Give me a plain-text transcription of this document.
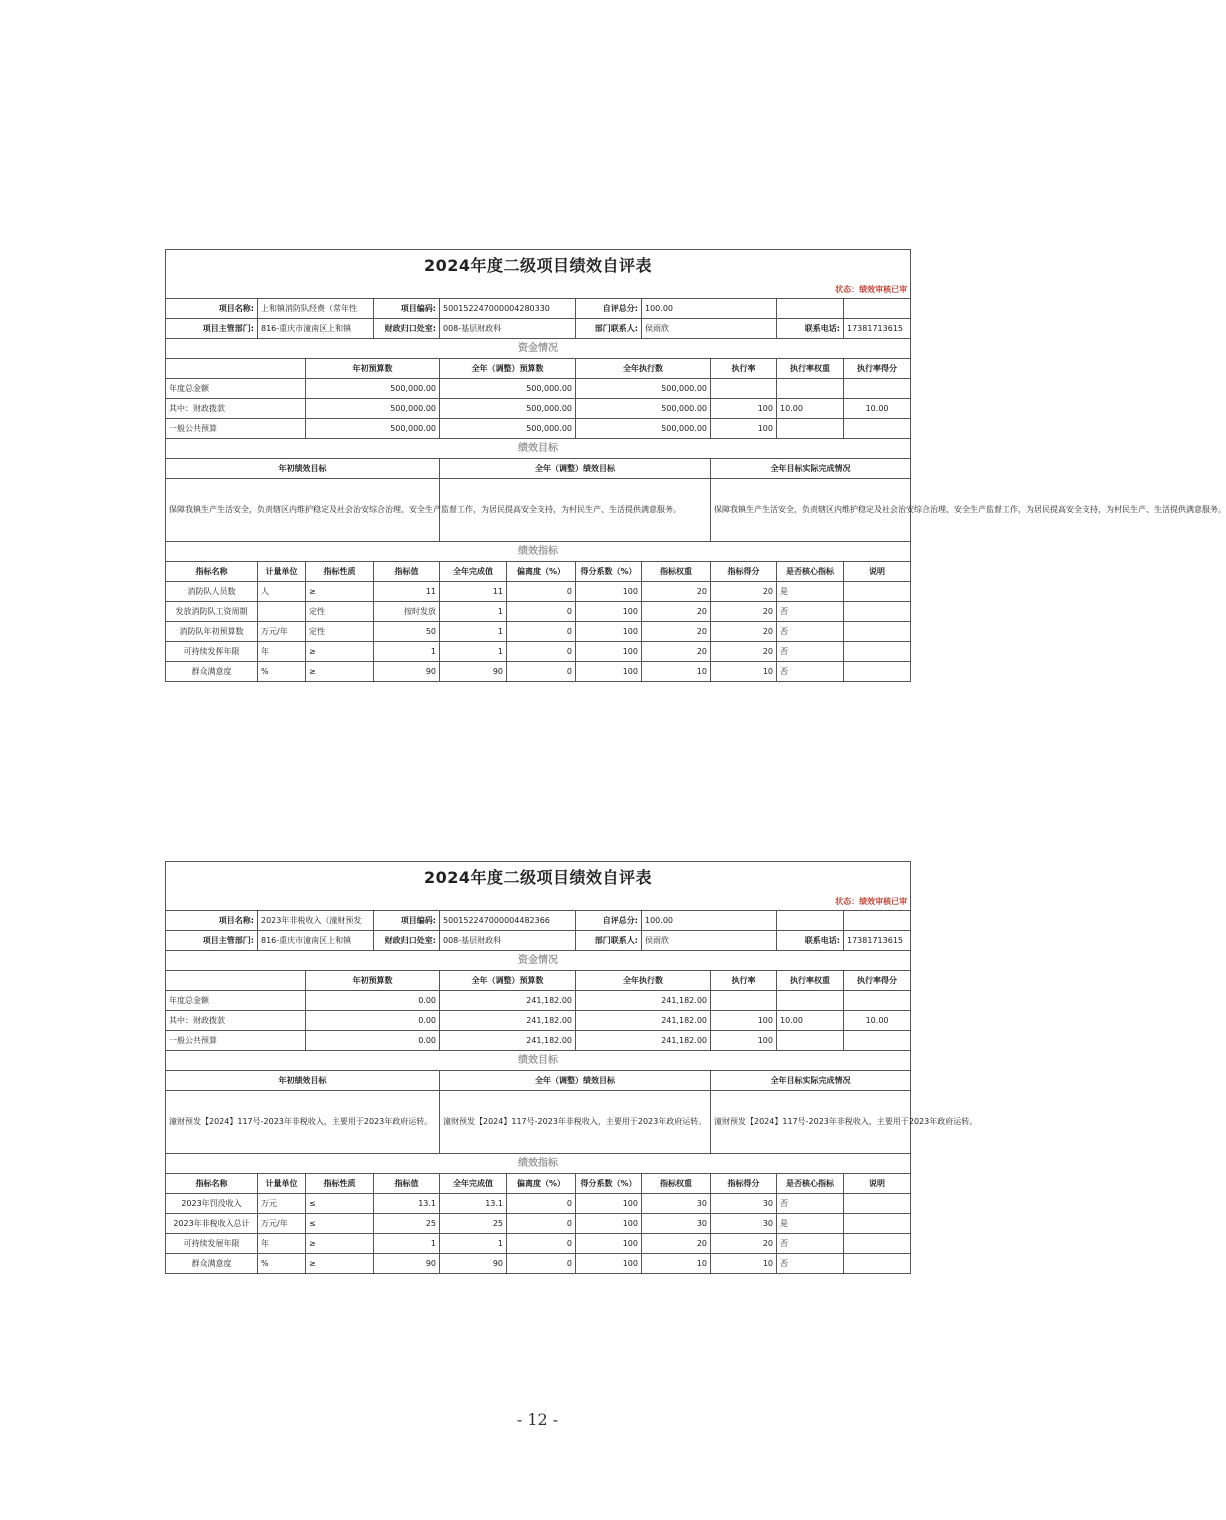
2024年度二级项目绩效自评表										
状态：绩效审核已审										
项目名称:	上和镇消防队经费（常年性		项目编码:	500152247000004280330		自评总分:	100.00			
项目主管部门:	816-重庆市潼南区上和镇		财政归口处室:	008-基层财政科		部门联系人:	侯雨欣		联系电话:	17381713615
资金情况										
		年初预算数		全年（调整）预算数		全年执行数		执行率	执行率权重	执行率得分
年度总金额		500,000.00		500,000.00		500,000.00				
其中：财政拨款		500,000.00		500,000.00		500,000.00		100	10.00	10.00
一般公共预算		500,000.00		500,000.00		500,000.00		100		
绩效目标										
年初绩效目标				全年（调整）绩效目标				全年目标实际完成情况		
保障我镇生产生活安全，负责辖区内维护稳定及社会治安综合治理、安全生产监督工作，为居民提高安全支持，为村民生产、生活提供满意服务。								保障我镇生产生活安全，负责辖区内维护稳定及社会治安综合治理、安全生产监督工作，为居民提高安全支持，为村民生产、生活提供满意服务。		
绩效指标										
指标名称	计量单位	指标性质	指标值	全年完成值	偏离度（%）	得分系数（%）	指标权重	指标得分	是否核心指标	说明
消防队人员数	人	≥	11	11	0	100	20	20	是	
发放消防队工资周期		定性	按时发放	1	0	100	20	20	否	
消防队年初预算数	万元/年	定性	50	1	0	100	20	20	否	
可持续发挥年限	年	≥	1	1	0	100	20	20	否	
群众满意度	%	≥	90	90	0	100	10	10	否	
2024年度二级项目绩效自评表										
状态：绩效审核已审										
项目名称:	2023年非税收入（潼财预发		项目编码:	500152247000004482366		自评总分:	100.00			
项目主管部门:	816-重庆市潼南区上和镇		财政归口处室:	008-基层财政科		部门联系人:	侯雨欣		联系电话:	17381713615
资金情况										
		年初预算数		全年（调整）预算数		全年执行数		执行率	执行率权重	执行率得分
年度总金额		0.00		241,182.00		241,182.00				
其中：财政拨款		0.00		241,182.00		241,182.00		100	10.00	10.00
一般公共预算		0.00		241,182.00		241,182.00		100		
绩效目标										
年初绩效目标				全年（调整）绩效目标				全年目标实际完成情况		
潼财预发【2024】117号-2023年非税收入，主要用于2023年政府运转。				潼财预发【2024】117号-2023年非税收入，主要用于2023年政府运转。				潼财预发【2024】117号-2023年非税收入，主要用于2023年政府运转。		
绩效指标										
指标名称	计量单位	指标性质	指标值	全年完成值	偏离度（%）	得分系数（%）	指标权重	指标得分	是否核心指标	说明
2023年罚没收入	万元	≤	13.1	13.1	0	100	30	30	否	
2023年非税收入总计	万元/年	≤	25	25	0	100	30	30	是	
可持续发展年限	年	≥	1	1	0	100	20	20	否	
群众满意度	%	≥	90	90	0	100	10	10	否	
- 12 -
